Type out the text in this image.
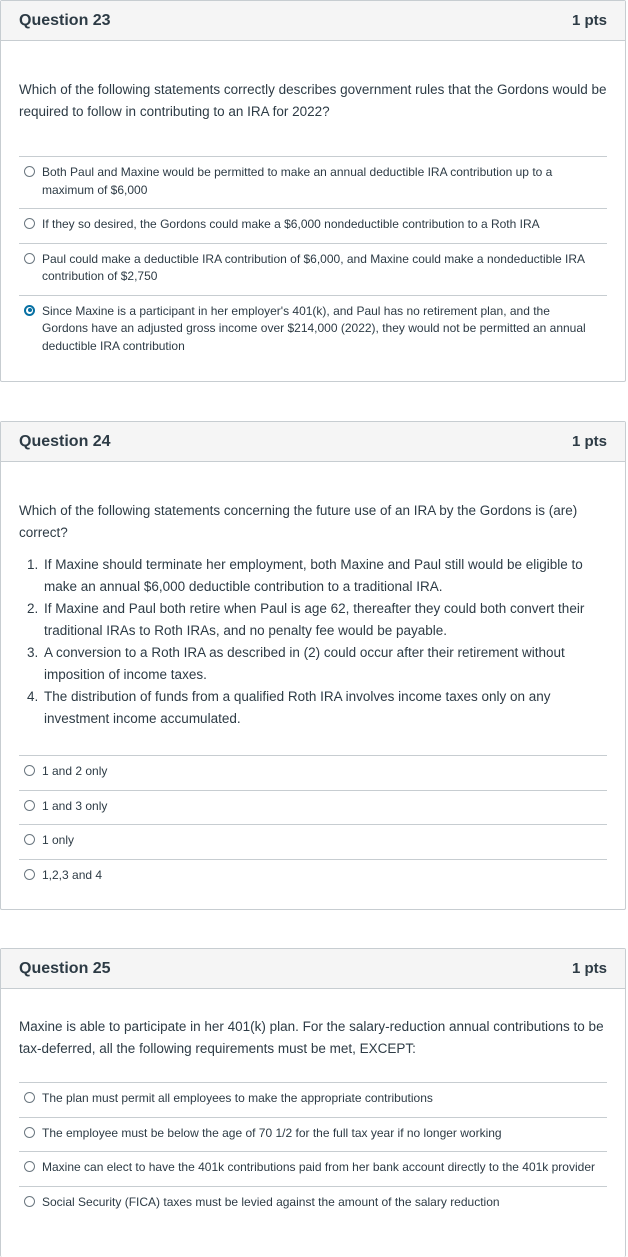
Question 23	1 pts

Which of the following statements correctly describes government rules that the Gordons would be required to follow in contributing to an IRA for 2022?

Both Paul and Maxine would be permitted to make an annual deductible IRA contribution up to a maximum of $6,000
If they so desired, the Gordons could make a $6,000 nondeductible contribution to a Roth IRA
Paul could make a deductible IRA contribution of $6,000, and Maxine could make a nondeductible IRA contribution of $2,750
Since Maxine is a participant in her employer's 401(k), and Paul has no retirement plan, and the Gordons have an adjusted gross income over $214,000 (2022), they would not be permitted an annual deductible IRA contribution
Question 24	1 pts

Which of the following statements concerning the future use of an IRA by the Gordons is (are) correct?

1. If Maxine should terminate her employment, both Maxine and Paul still would be eligible to make an annual $6,000 deductible contribution to a traditional IRA.
2. If Maxine and Paul both retire when Paul is age 62, thereafter they could both convert their traditional IRAs to Roth IRAs, and no penalty fee would be payable.
3. A conversion to a Roth IRA as described in (2) could occur after their retirement without imposition of income taxes.
4. The distribution of funds from a qualified Roth IRA involves income taxes only on any investment income accumulated.
1 and 2 only
1 and 3 only
1 only
1,2,3 and 4
Question 25	1 pts

Maxine is able to participate in her 401(k) plan. For the salary-reduction annual contributions to be tax-deferred, all the following requirements must be met, EXCEPT:

The plan must permit all employees to make the appropriate contributions
The employee must be below the age of 70 1/2 for the full tax year if no longer working
Maxine can elect to have the 401k contributions paid from her bank account directly to the 401k provider
Social Security (FICA) taxes must be levied against the amount of the salary reduction
